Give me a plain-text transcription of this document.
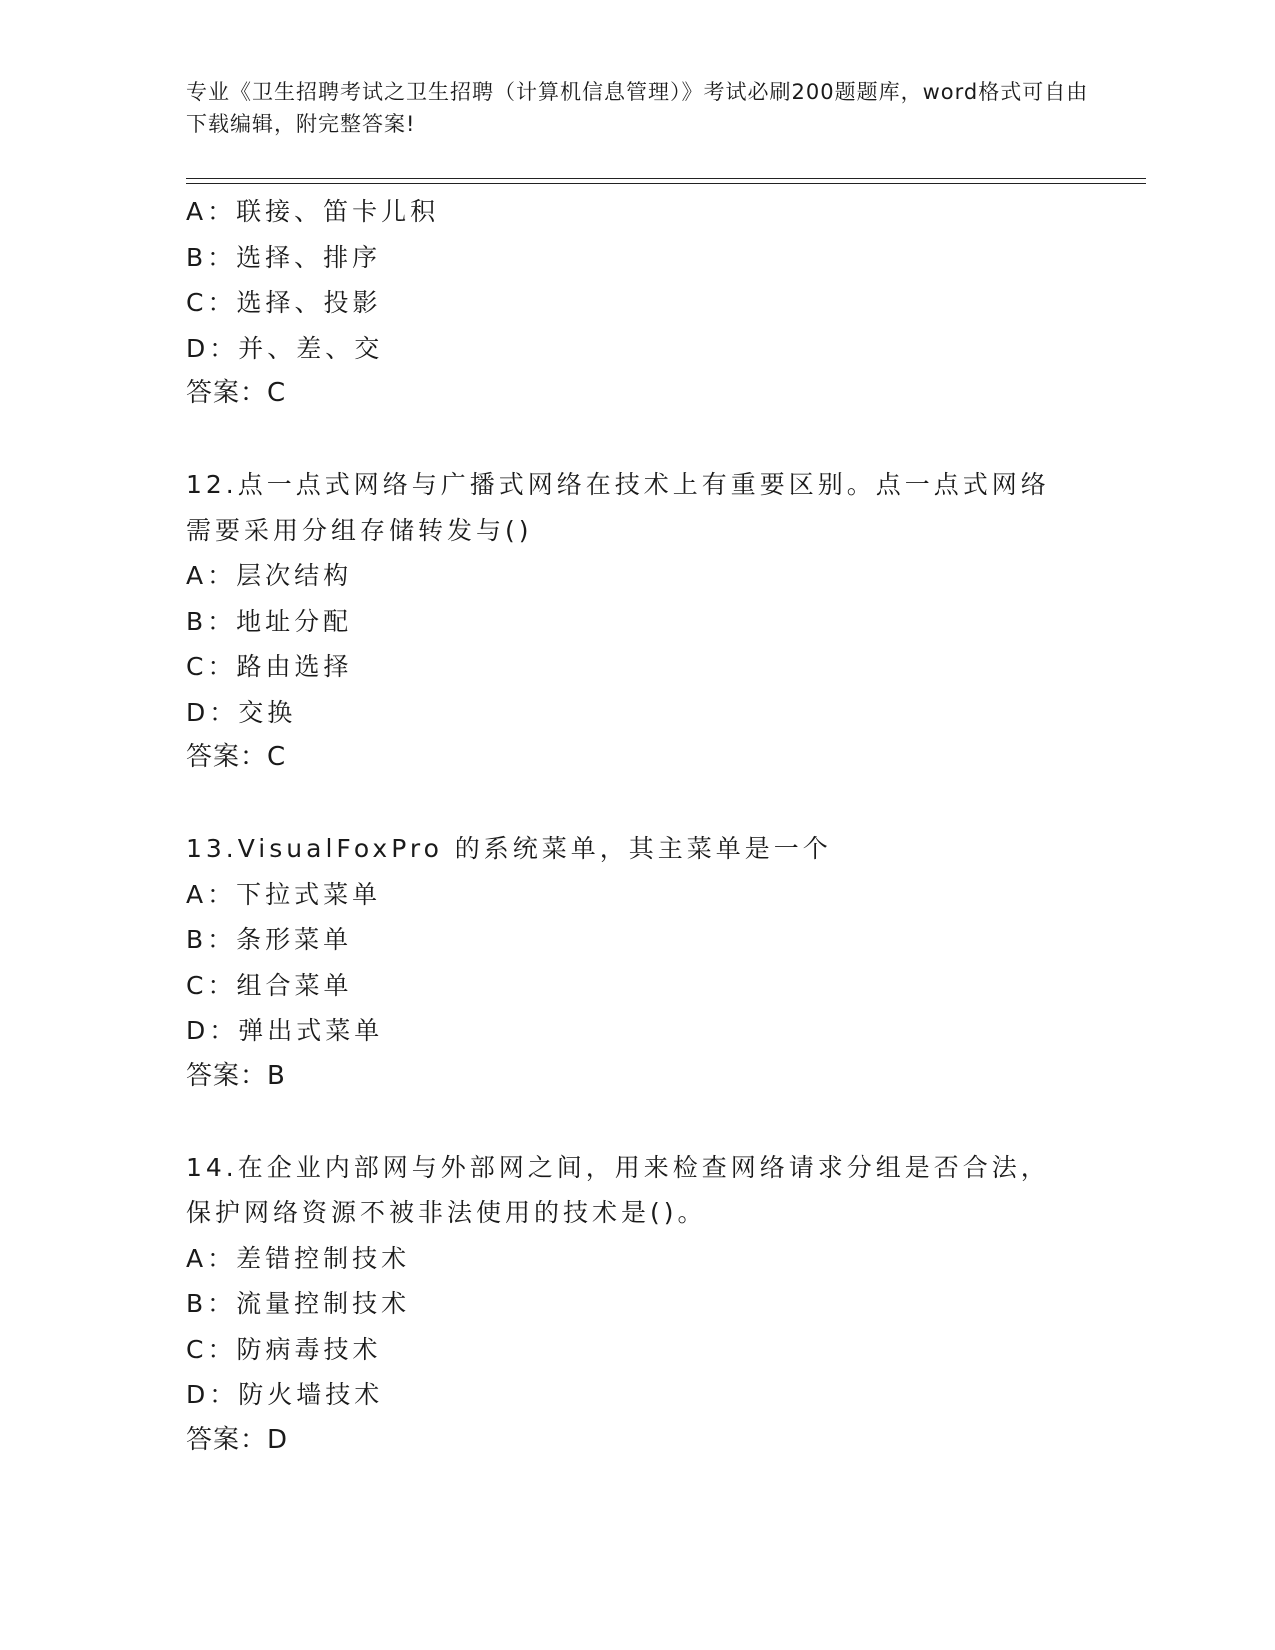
专业《卫生招聘考试之卫生招聘（计算机信息管理）》考试必刷200题题库，word格式可自由下载编辑，附完整答案!
A：联接、笛卡儿积
B：选择、排序
C：选择、投影
D：并、差、交
答案：C
12.点一点式网络与广播式网络在技术上有重要区别。点一点式网络需要采用分组存储转发与()
A：层次结构
B：地址分配
C：路由选择
D：交换
答案：C
13.VisualFoxPro 的系统菜单，其主菜单是一个
A：下拉式菜单
B：条形菜单
C：组合菜单
D：弹出式菜单
答案：B
14.在企业内部网与外部网之间，用来检查网络请求分组是否合法，保护网络资源不被非法使用的技术是()。
A：差错控制技术
B：流量控制技术
C：防病毒技术
D：防火墙技术
答案：D
